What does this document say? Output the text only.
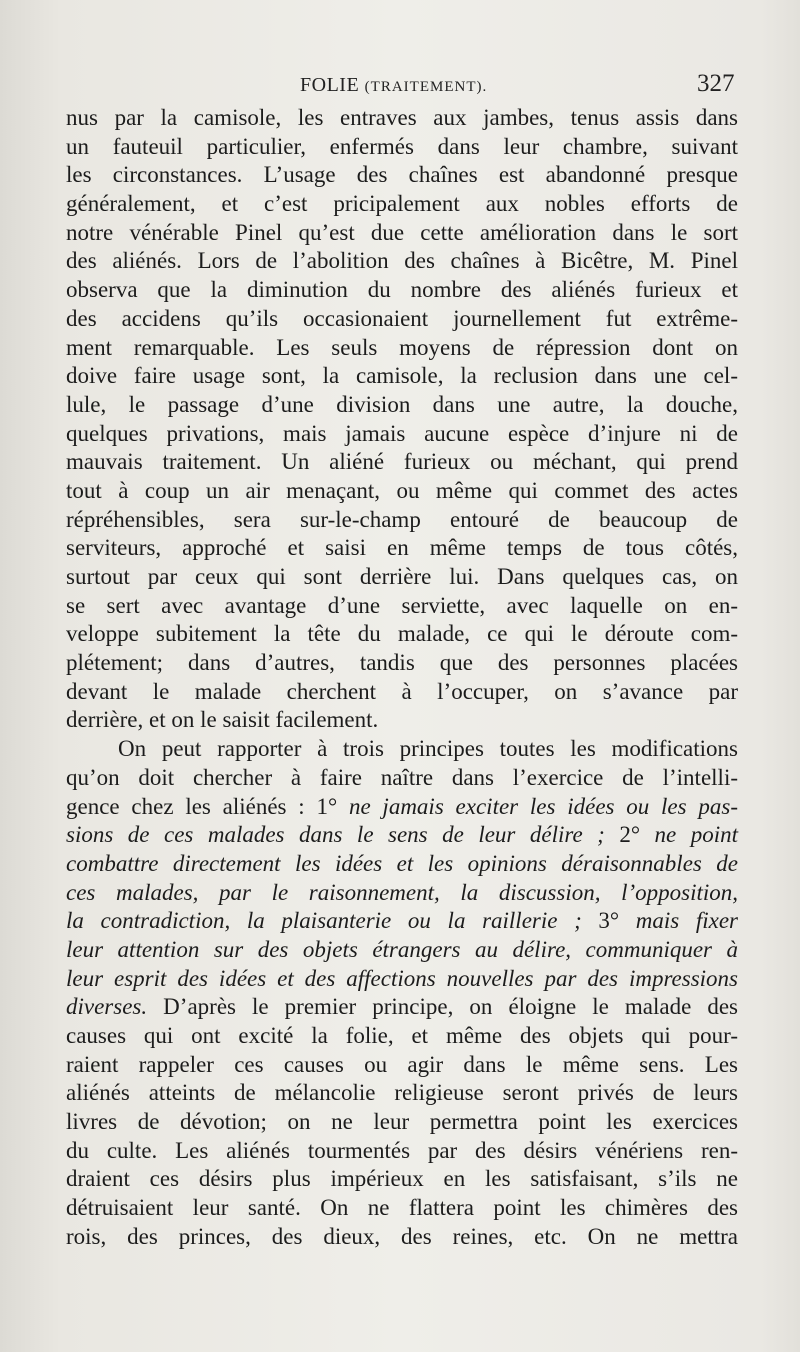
FOLIE (TRAITEMENT).	327
nus par la camisole, les entraves aux jambes, tenus assis dans
un fauteuil particulier, enfermés dans leur chambre, suivant
les circonstances. L’usage des chaînes est abandonné presque
généralement, et c’est pricipalement aux nobles efforts de
notre vénérable Pinel qu’est due cette amélioration dans le sort
des aliénés. Lors de l’abolition des chaînes à Bicêtre, M. Pinel
observa que la diminution du nombre des aliénés furieux et
des accidens qu’ils occasionaient journellement fut extrême-
ment remarquable. Les seuls moyens de répression dont on
doive faire usage sont, la camisole, la reclusion dans une cel-
lule, le passage d’une division dans une autre, la douche,
quelques privations, mais jamais aucune espèce d’injure ni de
mauvais traitement. Un aliéné furieux ou méchant, qui prend
tout à coup un air menaçant, ou même qui commet des actes
répréhensibles, sera sur-le-champ entouré de beaucoup de
serviteurs, approché et saisi en même temps de tous côtés,
surtout par ceux qui sont derrière lui. Dans quelques cas, on
se sert avec avantage d’une serviette, avec laquelle on en-
veloppe subitement la tête du malade, ce qui le déroute com-
plétement; dans d’autres, tandis que des personnes placées
devant le malade cherchent à l’occuper, on s’avance par
derrière, et on le saisit facilement.
On peut rapporter à trois principes toutes les modifications
qu’on doit chercher à faire naître dans l’exercice de l’intelli-
gence chez les aliénés : 1° ne jamais exciter les idées ou les pas-
sions de ces malades dans le sens de leur délire ; 2° ne point
combattre directement les idées et les opinions déraisonnables de
ces malades, par le raisonnement, la discussion, l’opposition,
la contradiction, la plaisanterie ou la raillerie ; 3° mais fixer
leur attention sur des objets étrangers au délire, communiquer à
leur esprit des idées et des affections nouvelles par des impressions
diverses. D’après le premier principe, on éloigne le malade des
causes qui ont excité la folie, et même des objets qui pour-
raient rappeler ces causes ou agir dans le même sens. Les
aliénés atteints de mélancolie religieuse seront privés de leurs
livres de dévotion; on ne leur permettra point les exercices
du culte. Les aliénés tourmentés par des désirs vénériens ren-
draient ces désirs plus impérieux en les satisfaisant, s’ils ne
détruisaient leur santé. On ne flattera point les chimères des
rois, des princes, des dieux, des reines, etc. On ne mettra
